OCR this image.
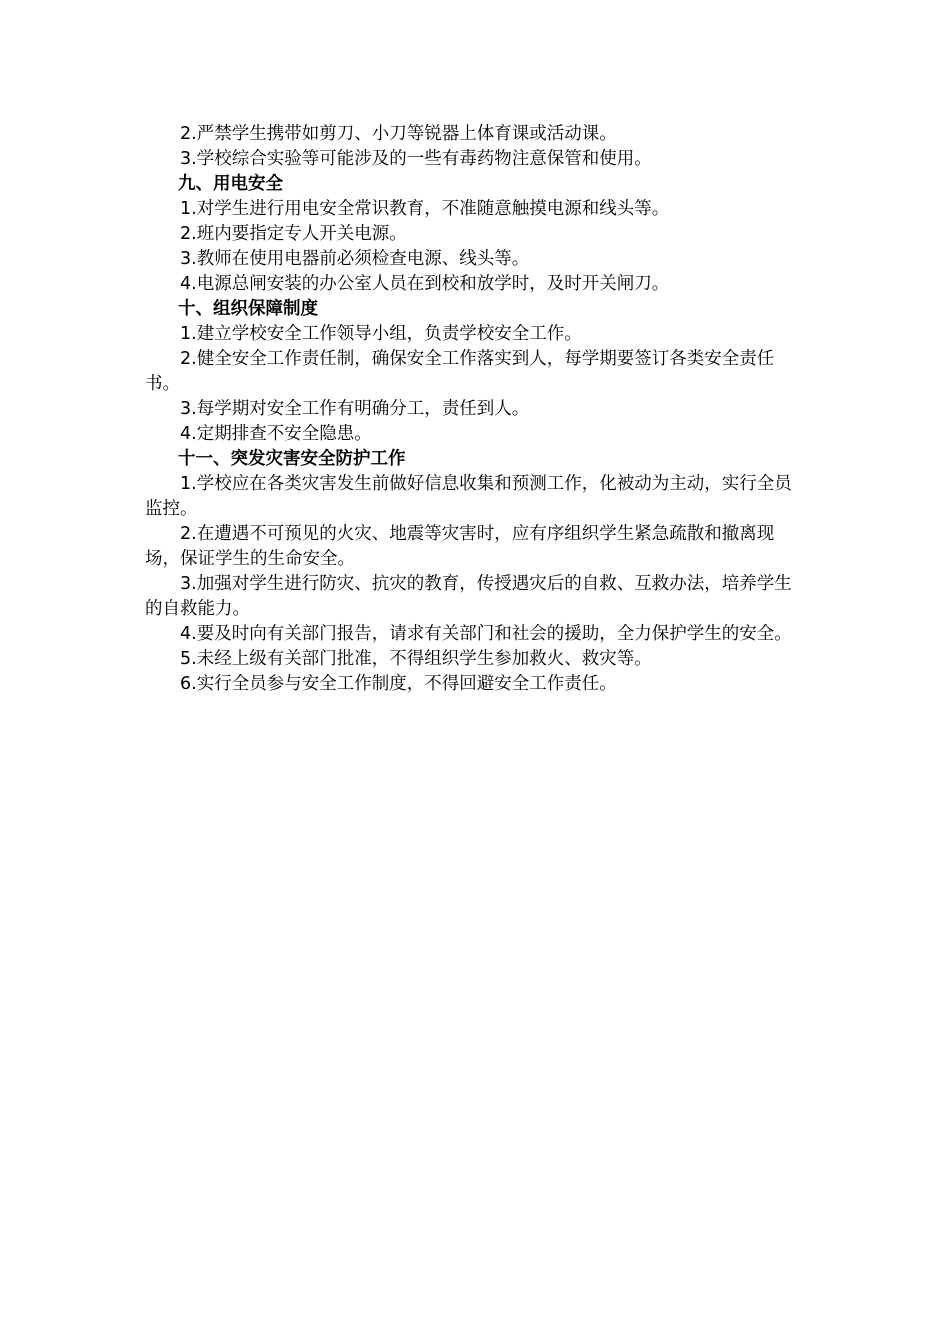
2.严禁学生携带如剪刀、小刀等锐器上体育课或活动课。

3.学校综合实验等可能涉及的一些有毒药物注意保管和使用。

九、用电安全

1.对学生进行用电安全常识教育，不准随意触摸电源和线头等。

2.班内要指定专人开关电源。

3.教师在使用电器前必须检查电源、线头等。

4.电源总闸安装的办公室人员在到校和放学时，及时开关闸刀。

十、组织保障制度

1.建立学校安全工作领导小组，负责学校安全工作。

2.健全安全工作责任制，确保安全工作落实到人，每学期要签订各类安全责任书。

3.每学期对安全工作有明确分工，责任到人。

4.定期排查不安全隐患。

十一、突发灾害安全防护工作

1.学校应在各类灾害发生前做好信息收集和预测工作，化被动为主动，实行全员监控。

2.在遭遇不可预见的火灾、地震等灾害时，应有序组织学生紧急疏散和撤离现场，保证学生的生命安全。

3.加强对学生进行防灾、抗灾的教育，传授遇灾后的自救、互救办法，培养学生的自救能力。

4.要及时向有关部门报告，请求有关部门和社会的援助，全力保护学生的安全。

5.未经上级有关部门批准，不得组织学生参加救火、救灾等。

6.实行全员参与安全工作制度，不得回避安全工作责任。
